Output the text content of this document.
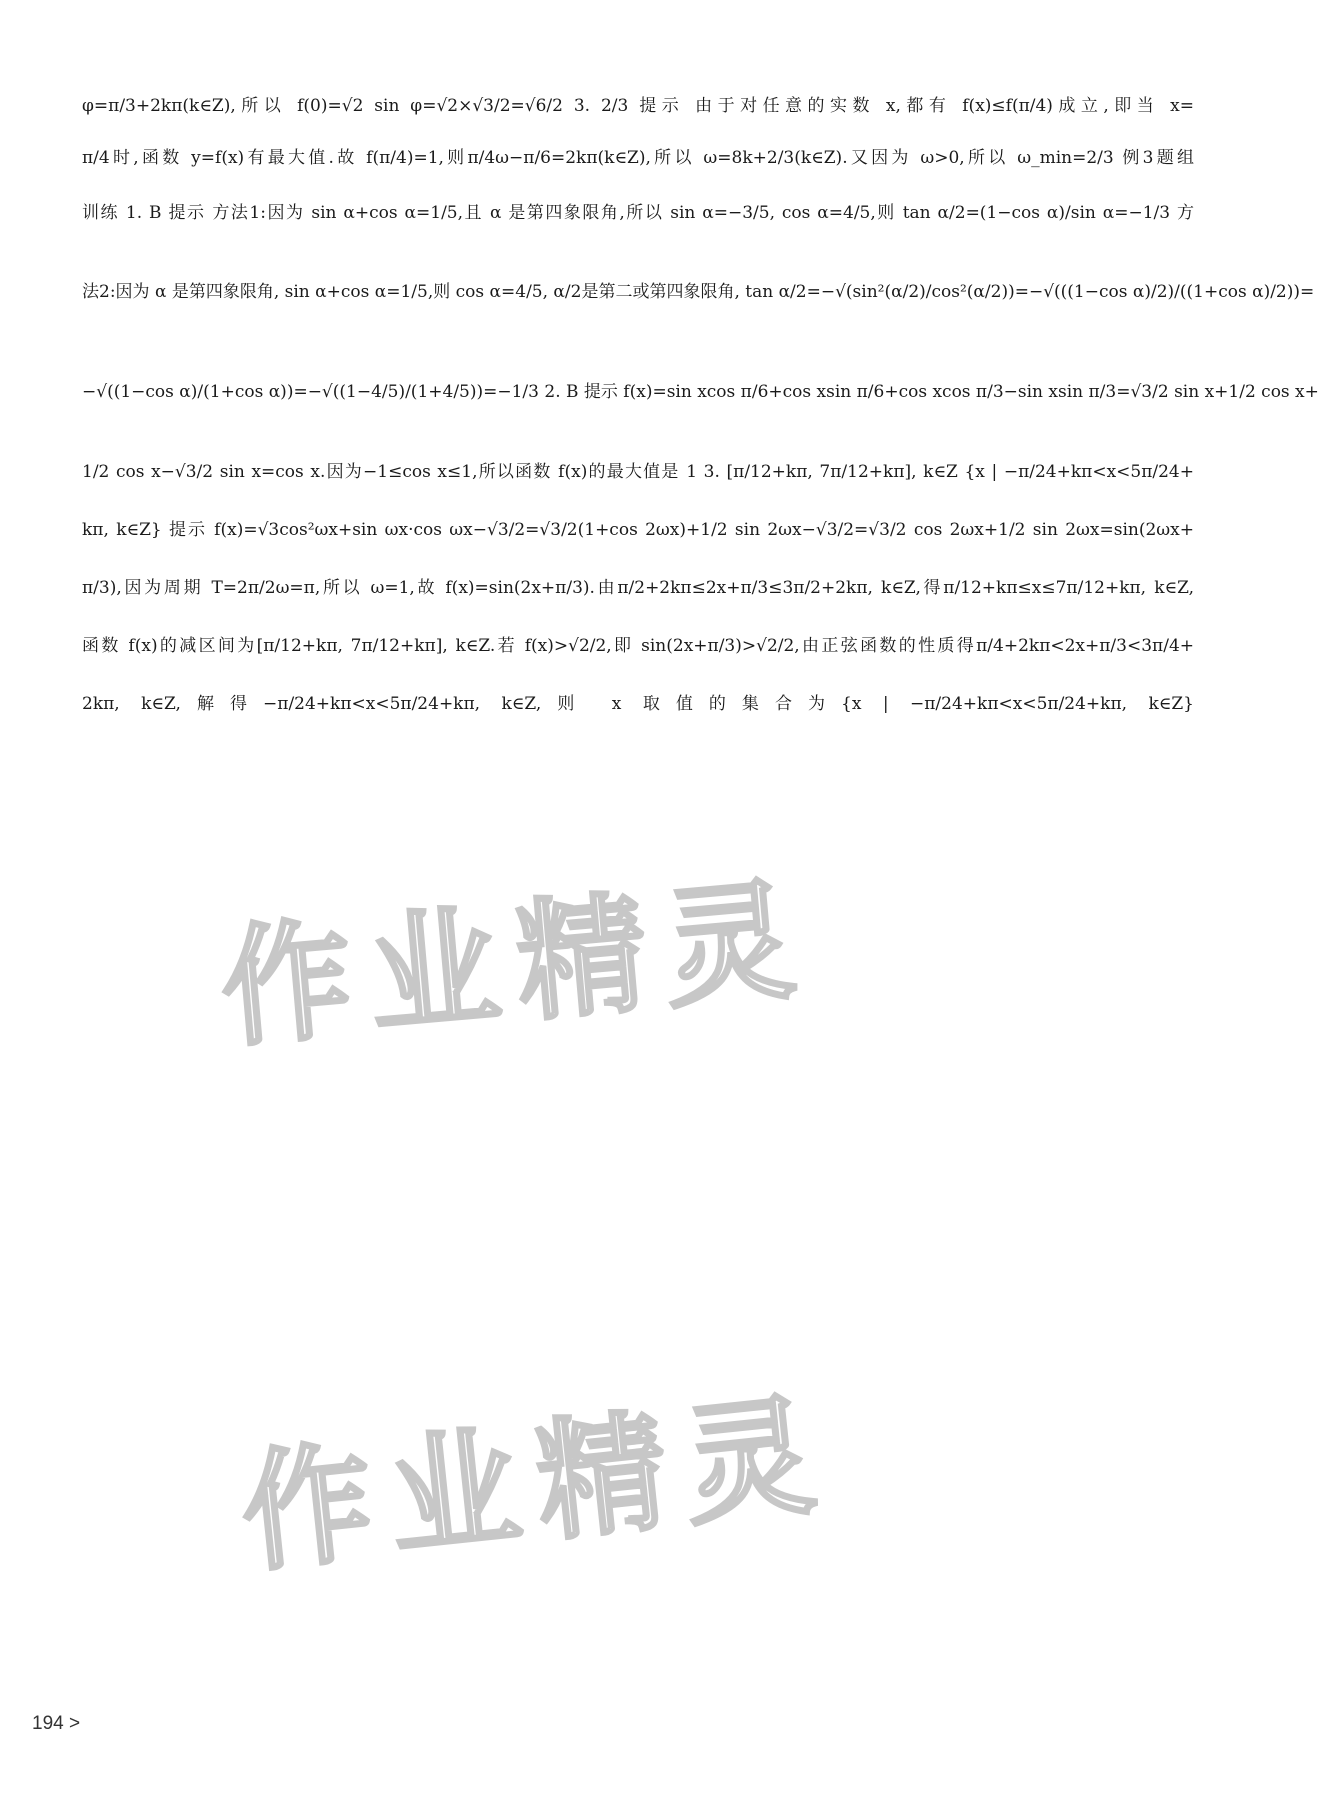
φ=π/3+2kπ(k∈Z),所以 f(0)=√2 sin φ=√2×√3/2=√6/2 3. 2/3 提示 由于对任意的实数 x,都有 f(x)≤f(π/4)成立,即当 x=
π/4时,函数 y=f(x)有最大值.故 f(π/4)=1,则π/4ω−π/6=2kπ(k∈Z),所以 ω=8k+2/3(k∈Z).又因为 ω>0,所以 ω_min=2/3 例3题组
训练 1. B 提示 方法1:因为 sin α+cos α=1/5,且 α 是第四象限角,所以 sin α=−3/5, cos α=4/5,则 tan α/2=(1−cos α)/sin α=−1/3 方
法2:因为 α 是第四象限角, sin α+cos α=1/5,则 cos α=4/5, α/2是第二或第四象限角, tan α/2=−√(sin²(α/2)/cos²(α/2))=−√(((1−cos α)/2)/((1+cos α)/2))=
−√((1−cos α)/(1+cos α))=−√((1−4/5)/(1+4/5))=−1/3 2. B 提示 f(x)=sin xcos π/6+cos xsin π/6+cos xcos π/3−sin xsin π/3=√3/2 sin x+1/2 cos x+
1/2 cos x−√3/2 sin x=cos x.因为−1≤cos x≤1,所以函数 f(x)的最大值是 1 3. [π/12+kπ, 7π/12+kπ], k∈Z {x | −π/24+kπ<x<5π/24+
kπ, k∈Z} 提示 f(x)=√3cos²ωx+sin ωx·cos ωx−√3/2=√3/2(1+cos 2ωx)+1/2 sin 2ωx−√3/2=√3/2 cos 2ωx+1/2 sin 2ωx=sin(2ωx+
π/3),因为周期 T=2π/2ω=π,所以 ω=1,故 f(x)=sin(2x+π/3).由π/2+2kπ≤2x+π/3≤3π/2+2kπ, k∈Z,得π/12+kπ≤x≤7π/12+kπ, k∈Z,
函数 f(x)的减区间为[π/12+kπ, 7π/12+kπ], k∈Z.若 f(x)>√2/2,即 sin(2x+π/3)>√2/2,由正弦函数的性质得π/4+2kπ<2x+π/3<3π/4+
2kπ, k∈Z,解得−π/24+kπ<x<5π/24+kπ, k∈Z,则 x 取值的集合为{x | −π/24+kπ<x<5π/24+kπ, k∈Z}
作业精灵
作业精灵
194 >
